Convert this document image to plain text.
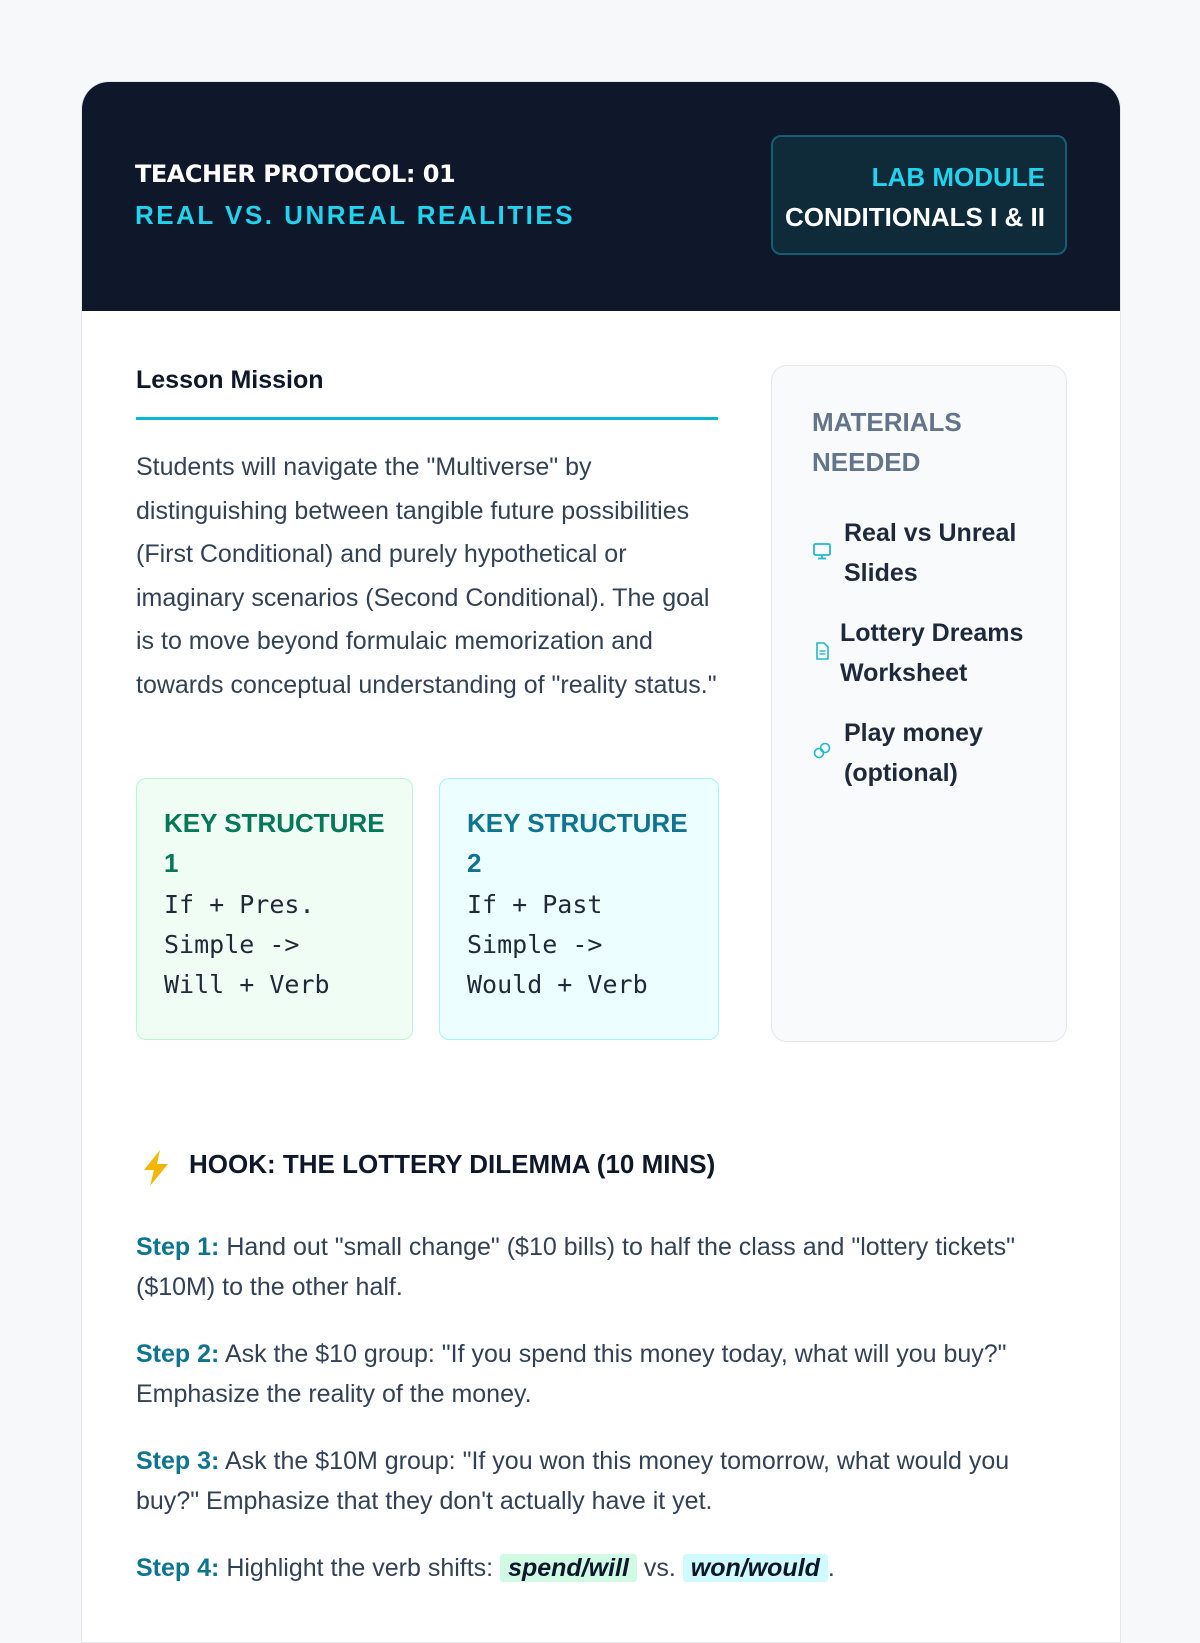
TEACHER PROTOCOL: 01
REAL VS. UNREAL REALITIES
LAB MODULE
CONDITIONALS I & II
Lesson Mission
Students will navigate the "Multiverse" by distinguishing between tangible future possibilities (First Conditional) and purely hypothetical or imaginary scenarios (Second Conditional). The goal is to move beyond formulaic memorization and towards conceptual understanding of "reality status."
KEY STRUCTURE 1
If + Pres. Simple -> Will + Verb
KEY STRUCTURE 2
If + Past Simple -> Would + Verb
MATERIALS NEEDED
Real vs Unreal Slides
Lottery Dreams Worksheet
Play money (optional)
HOOK: THE LOTTERY DILEMMA (10 MINS)
Step 1: Hand out "small change" ($10 bills) to half the class and "lottery tickets" ($10M) to the other half.
Step 2: Ask the $10 group: "If you spend this money today, what will you buy?" Emphasize the reality of the money.
Step 3: Ask the $10M group: "If you won this money tomorrow, what would you buy?" Emphasize that they don't actually have it yet.
Step 4: Highlight the verb shifts: spend/will vs. won/would .
